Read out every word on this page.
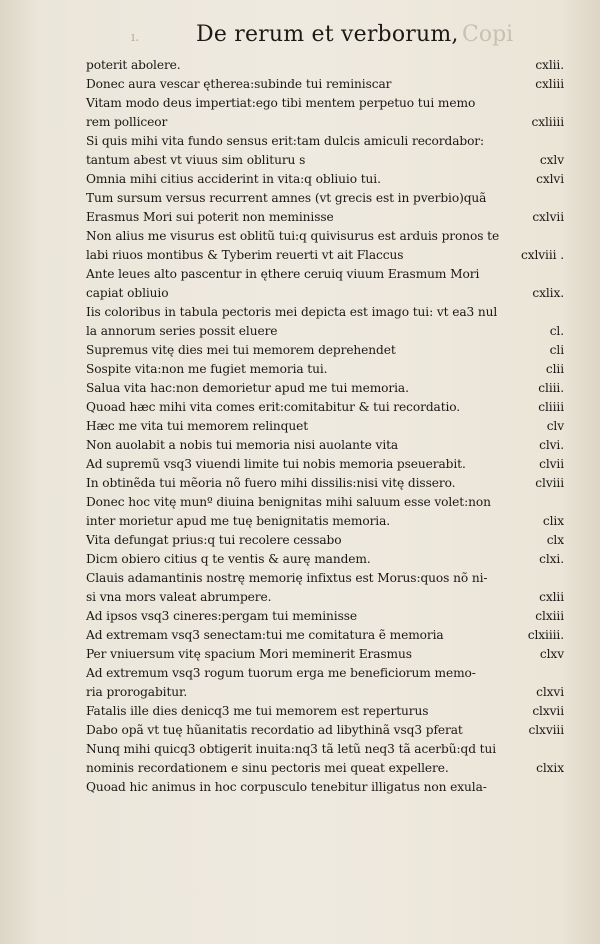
ı.	De rerum et verborum, Copi
poterit abolere.	cxlii.
Donec aura vescar ętherea:subinde tui reminiscar	cxliii
Vitam modo deus impertiat:ego tibi mentem perpetuo tui memo
rem polliceor	cxliiii
Si quis mihi vita fundo sensus erit:tam dulcis amiculi recordabor:
tantum abest vt viuus sim oblituru s	cxlv
Omnia mihi citius acciderint in vita:q obliuio tui.	cxlvi
Tum sursum versus recurrent amnes (vt grecis est in pverbio)quã
Erasmus Mori sui poterit non meminisse	cxlvii
Non alius me visurus est oblitũ tui:q quivisurus est arduis pronos te
labi riuos montibus & Tyberim reuerti vt ait Flaccus	cxlviii .
Ante leues alto pascentur in ęthere ceruiq viuum Erasmum Mori
capiat obliuio	cxlix.
Iis coloribus in tabula pectoris mei depicta est imago tui: vt ea3 nul
la annorum series possit eluere	cl.
Supremus vitę dies mei tui memorem deprehendet	cli
Sospite vita:non me fugiet memoria tui.	clii
Salua vita hac:non demorietur apud me tui memoria.	cliii.
Quoad hæc mihi vita comes erit:comitabitur & tui recordatio.	cliiii
Hæc me vita tui memorem relinquet	clv
Non auolabit a nobis tui memoria nisi auolante vita	clvi.
Ad supremũ vsq3 viuendi limite tui nobis memoria pseuerabit.	clvii
In obtinẽda tui mẽoria nõ fuero mihi dissilis:nisi vitę dissero.	clviii
Donec hoc vitę munº diuina benignitas mihi saluum esse volet:non
inter morietur apud me tuę benignitatis memoria.	clix
Vita defungat prius:q tui recolere cessabo	clx
Dicm obiero citius q te ventis & aurę mandem.	clxi.
Clauis adamantinis nostrę memorię infixtus est Morus:quos nõ ni-
si vna mors valeat abrumpere.	cxlii
Ad ipsos vsq3 cineres:pergam tui meminisse	clxiii
Ad extremam vsq3 senectam:tui me comitatura ẽ memoria	clxiiii.
Per vniuersum vitę spacium Mori meminerit Erasmus	clxv
Ad extremum vsq3 rogum tuorum erga me beneficiorum memo-
ria prorogabitur.	clxvi
Fatalis ille dies denicq3 me tui memorem est reperturus	clxvii
Dabo opã vt tuę hũanitatis recordatio ad libythinã vsq3 pferat	clxviii
Nunq mihi quicq3 obtigerit inuita:nq3 tã letũ neq3 tã acerbũ:qd tui
nominis recordationem e sinu pectoris mei queat expellere.	clxix
Quoad hic animus in hoc corpusculo tenebitur illigatus non exula-
